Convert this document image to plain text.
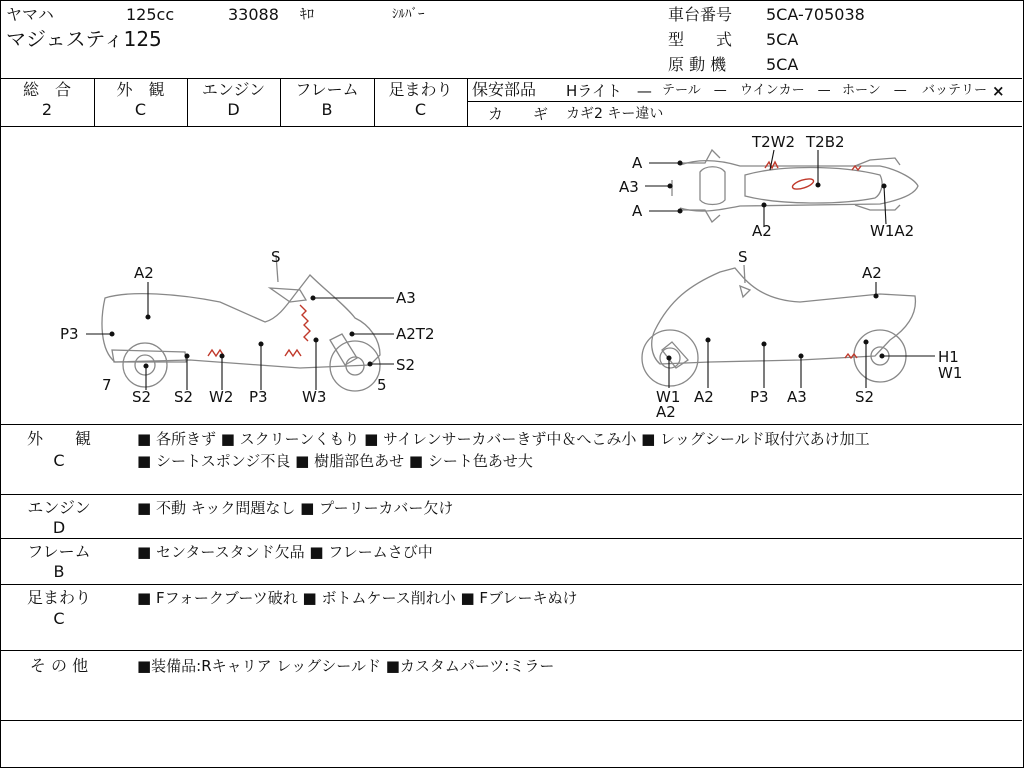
ヤマハ	125cc	33088 ｷﾛ	ｼﾙﾊﾞｰ
マジェスティ125
車台番号 5CA-705038
型　　式 5CA
原 動 機 5CA
総　合
2
外　観
C
エンジン
D
フレーム
B
足まわり
C
保安部品 Hライト　— テール　— ウインカー　— ホーン　— バッテリー ×
カ　　ギ カギ2 キー違い
A
A3
A
T2W2 T2B2
A2	W1A2
S
A2
A3
P3	A2T2
S2
7	5
S2 S2 W2 P3 W3
S
A2
H1
W1
W1
A2
A2 P3 A3	S2
外　　観
C
■ 各所きず ■ スクリーンくもり ■ サイレンサーカバーきず中＆へこみ小 ■ レッグシールド取付穴あけ加工
■ シートスポンジ不良 ■ 樹脂部色あせ ■ シート色あせ大
エンジン
D
■ 不動 キック問題なし ■ プーリーカバー欠け
フレーム
B
■ センタースタンド欠品 ■ フレームさび中
足まわり
C
■ Fフォークブーツ破れ ■ ボトムケース削れ小 ■ Fブレーキぬけ
そ の 他	■装備品:Rキャリア レッグシールド ■カスタムパーツ:ミラー
